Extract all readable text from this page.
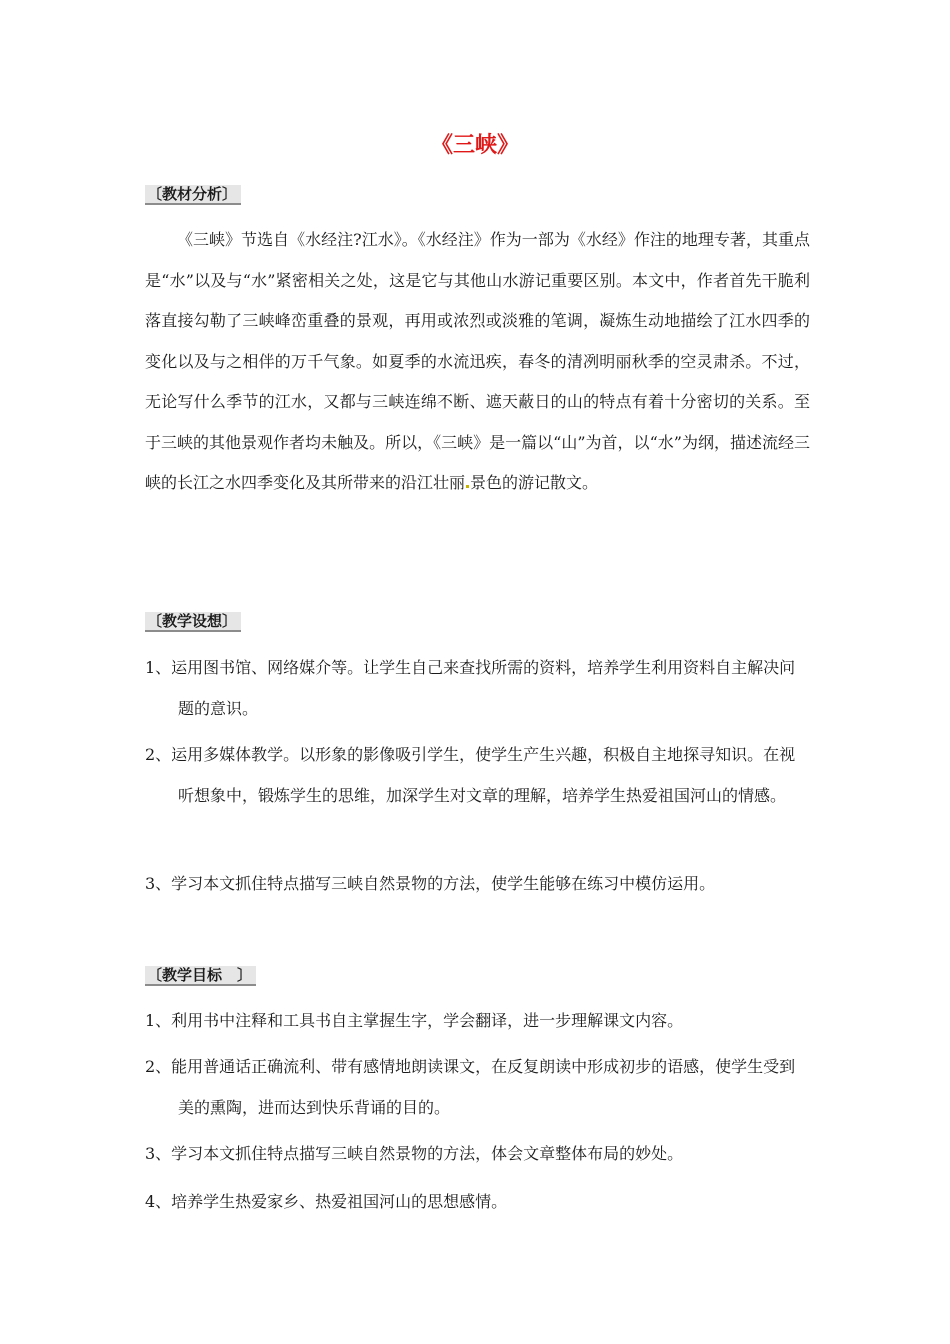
《三峡》
〔教材分析〕

《三峡》节选自《水经注?江水》。《水经注》作为一部为《水经》作注的地理专著，其重点是“水”以及与“水”紧密相关之处，这是它与其他山水游记重要区别。本文中，作者首先干脆利落直接勾勒了三峡峰峦重叠的景观，再用或浓烈或淡雅的笔调，凝炼生动地描绘了江水四季的变化以及与之相伴的万千气象。如夏季的水流迅疾，春冬的清冽明丽秋季的空灵肃杀。不过，无论写什么季节的江水，又都与三峡连绵不断、遮天蔽日的山的特点有着十分密切的关系。至于三峡的其他景观作者均未触及。所以，《三峡》是一篇以“山”为首，以“水”为纲，描述流经三峡的长江之水四季变化及其所带来的沿江壮丽 景色的游记散文。

〔教学设想〕

1、运用图书馆、网络媒介等。让学生自己来查找所需的资料，培养学生利用资料自主解决问题的意识。

2、运用多媒体教学。以形象的影像吸引学生，使学生产生兴趣，积极自主地探寻知识。在视听想象中，锻炼学生的思维，加深学生对文章的理解，培养学生热爱祖国河山的情感。

3、学习本文抓住特点描写三峡自然景物的方法，使学生能够在练习中模仿运用。

〔教学目标　〕

1、利用书中注释和工具书自主掌握生字，学会翻译，进一步理解课文内容。

2、能用普通话正确流利、带有感情地朗读课文，在反复朗读中形成初步的语感，使学生受到美的熏陶，进而达到快乐背诵的目的。

3、学习本文抓住特点描写三峡自然景物的方法，体会文章整体布局的妙处。

4、培养学生热爱家乡、热爱祖国河山的思想感情。
